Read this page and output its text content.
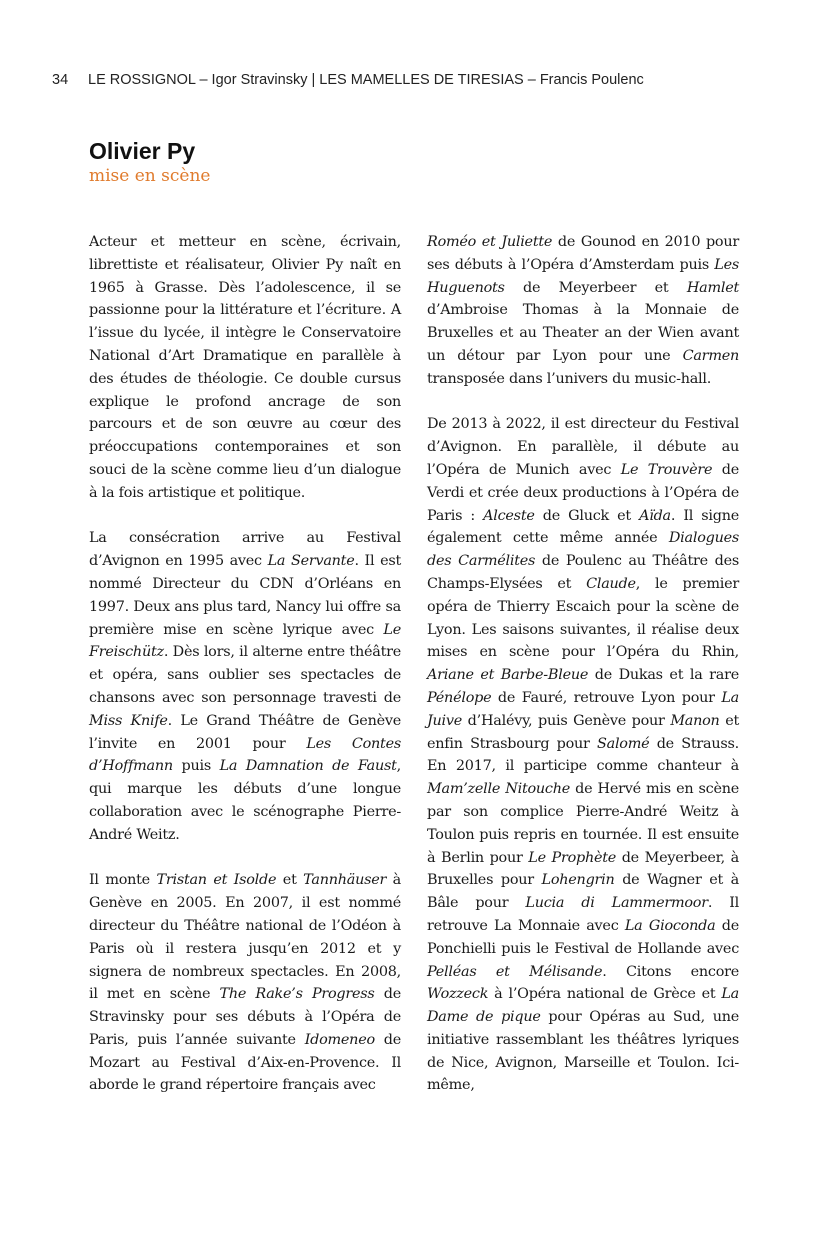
34 LE ROSSIGNOL – Igor Stravinsky | LES MAMELLES DE TIRESIAS – Francis Poulenc
Olivier Py
mise en scène

Acteur et metteur en scène, écrivain, librettiste et réalisateur, Olivier Py naît en 1965 à Grasse. Dès l’adolescence, il se passionne pour la littérature et l’écriture. A l’issue du lycée, il intègre le Conservatoire National d’Art Dramatique en parallèle à des études de théologie. Ce double cursus explique le profond ancrage de son parcours et de son œuvre au cœur des préoccupations contemporaines et son souci de la scène comme lieu d’un dialogue à la fois artistique et politique.

La consécration arrive au Festival d’Avignon en 1995 avec La Servante. Il est nommé Directeur du CDN d’Orléans en 1997. Deux ans plus tard, Nancy lui offre sa première mise en scène lyrique avec Le Freischütz. Dès lors, il alterne entre théâtre et opéra, sans oublier ses spectacles de chansons avec son personnage travesti de Miss Knife. Le Grand Théâtre de Genève l’invite en 2001 pour Les Contes d’Hoffmann puis La Damnation de Faust, qui marque les débuts d’une longue collaboration avec le scénographe Pierre-André Weitz.

Il monte Tristan et Isolde et Tannhäuser à Genève en 2005. En 2007, il est nommé directeur du Théâtre national de l’Odéon à Paris où il restera jusqu’en 2012 et y signera de nombreux spectacles. En 2008, il met en scène The Rake’s Progress de Stravinsky pour ses débuts à l’Opéra de Paris, puis l’année suivante Idomeneo de Mozart au Festival d’Aix-en-Provence. Il aborde le grand répertoire français avec

Roméo et Juliette de Gounod en 2010 pour ses débuts à l’Opéra d’Amsterdam puis Les Huguenots de Meyerbeer et Hamlet d’Ambroise Thomas à la Monnaie de Bruxelles et au Theater an der Wien avant un détour par Lyon pour une Carmen transposée dans l’univers du music-hall.

De 2013 à 2022, il est directeur du Festival d’Avignon. En parallèle, il débute au l’Opéra de Munich avec Le Trouvère de Verdi et crée deux productions à l’Opéra de Paris : Alceste de Gluck et Aïda. Il signe également cette même année Dialogues des Carmélites de Poulenc au Théâtre des Champs-Elysées et Claude, le premier opéra de Thierry Escaich pour la scène de Lyon. Les saisons suivantes, il réalise deux mises en scène pour l’Opéra du Rhin, Ariane et Barbe-Bleue de Dukas et la rare Pénélope de Fauré, retrouve Lyon pour La Juive d’Halévy, puis Genève pour Manon et enfin Strasbourg pour Salomé de Strauss. En 2017, il participe comme chanteur à Mam’zelle Nitouche de Hervé mis en scène par son complice Pierre-André Weitz à Toulon puis repris en tournée. Il est ensuite à Berlin pour Le Prophète de Meyerbeer, à Bruxelles pour Lohengrin de Wagner et à Bâle pour Lucia di Lammermoor. Il retrouve La Monnaie avec La Gioconda de Ponchielli puis le Festival de Hollande avec Pelléas et Mélisande. Citons encore Wozzeck à l’Opéra national de Grèce et La Dame de pique pour Opéras au Sud, une initiative rassemblant les théâtres lyriques de Nice, Avignon, Marseille et Toulon. Ici-même,
